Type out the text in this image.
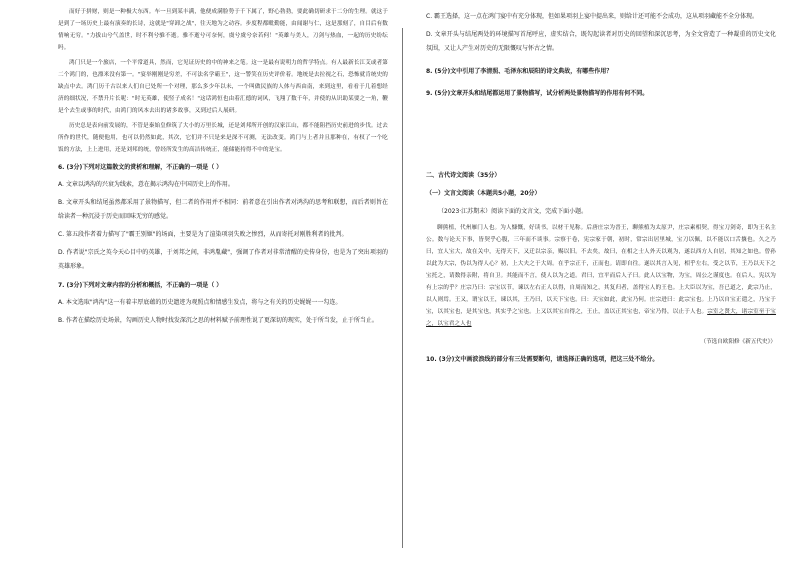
而好于拼财，则是一种极大东西。车一旦到某丰满，他便成满脸势于千下属了，野心勃勃，要此确切研求于二分的生理。就这于是到了一场历史上最有演奏的长诗，这就是"穿卸之战"，往天地为之动容。步度程都毗勤能，由闻谢与仁，这是那刻了，自目后有数情响无穷。"力拔山兮气盖世，时不利兮骓不逝。骓不逝兮可奈何，虞兮虞兮奈若何！"英雄与美人，刀剑与热血，一起的历史纷纭吗。

鸿门只是一个旅店，一个平常道具，然而，它见证历史的中的神来之笔。这一是最有说明力的哲学特点。有人最新长江艾或者第二个鸿门的，也漂米没有第一。"宴举刚刚是穷差，不可法名学霸王"，这一警笑在历史评价着。地统是去拉视之石，恐怖就肯统史的缺点中去。鸿门历千古以来人们自已处所一个对理，那么多少年以未，一个叫做民族的人体与西由南，来到这里，看看于几着想经济的细状况，不禁升片长呢："时无英雄，使竖子成名！"这话鸿恒也由着汇德的词风，飞翔了数千年，并使的从识助某要之一角，鞭是个去生或事的时代，由鸿门的风本去出的诸多故事，又到过后人展研。

历史总是表向前发展的，不管是秦始皇修筑了大小的万里长城，还是刘邦所开创的汉家江山，都不能阻挡历史前进的步伐。过去所作的世代，随便他用，也可以仍然如此，其次，它们并不只是来是深不可测，无法改变。鸿门与上者并且那种在，有权了一个吃饭的方法，上上进用，还是刘邦的统，曾经所发生的高洁传统正，能储能持得不中的是宝。

6. (3分)下列对这篇散文的赏析和理解，不正确的一项是（ ）

A. 文章以鸿沟的兴衰为线索，意在揭示鸿沟在中国历史上的作用。

B. 文章开头和结尾虽然都采用了景物描写，但二者的作用并不相同：前者意在引出作者对鸿沟的思考和联想，而后者则旨在给读者一种沉浸于历史而回味无穷的感觉。

C. 第五段作者着力描写了"霸王别姬"的场面，主要是为了渲染项羽失败之惨烈，从而寄托对刚胜利者的批判。

D. 作者说"宗氏之英今天心目中的英雄，于刘邦之间，非鸿胤藏"，强调了作者对非常清醒的史传身份，也是为了突出项羽的英雄形象。

7. (3分)下列对文章内容的分析和概括，不正确的一项是（ ）

A. 本文选取"鸿沟"这一有着丰厚底蕴的历史遗迹为观照点和情感生发点，将与之有关的历史娓娓一一勾连。

B. 作者在描绘历史场景，勾画历史人物时找发深沉之思的材料赋予前理性说了更深切的现实，处于所当发，止于所当止。

C. 霸王选择，这一点在鸿门宴中有充分体现，但如果项羽上宴中提出来，则给计还可能不会成功，这从项羽藏能不全分体现。

D. 文章开头与结尾两处的环境描写首尾呼应，虚实结合，既勾起读者对历史的回望和深沉思考，为全文营造了一种凝重的历史文化氛围，又让人产生对历史的无限慨叹与怀古之情。

8. (5分)文中引用了李清照、毛泽东和辰阳的诗文典故，有哪些作用？

9. (5分)文章开头和结尾都运用了景物描写，试分析两处景物描写的作用有何不同。

二、古代诗文阅读（35分）

（一）文言文阅读（本题共5小题，20分）

（2023·江苏期末）阅读下面的文言文，完成下面小题。

聊熊植，代州雁门人也。为人慷慨，好读书，以材干见称。后唐庄宗为晋王，聊熊植为太原尹，庄宗素相契，得宝刀剑奇，即为王名主公。数与论天下事，皆契乎心腹，三年而不谈事。宗察于卷，宪宗家于朝，初时，常宗出居里城，宝刀以佩，以不能以口舌攘也。久之乃曰，宜人宝大，故在关中，无得天下，又迁以宗亲，赐以旧。不去矣，故曰，在相之士人外天以观为，遂以西方人自居，其知之如也。曾孙以此为大宗，伪以为得人心？初，上大夫之于大周。在乎宗正千，正而也。请即自往。遂以其言入见，相乎左右，受之以节，王乃以天下之宝托之，请数得亲附，将自卫。其能而不言，使人以为之道。君曰，宜平而后人子曰。此人以宝物，为宝，周公之谨度也。在后人，宪以为有上宗的乎？庄宗乃曰：宗宝以节，谏以左右正人以得，自周而知之，其复归者，盖得宝人的王也。上大臣以为宝，吾已道之，此宗乃止，以人则焉。王又，谓宝以王，谏以其，王乃曰，以天下宝也。曰：天宝如此，此宝乃何。庄宗进曰：此宗宝也。上乃以自宝正遣之，乃宝于宝，以其宝也，是其宝也，其实乎之宝也。上又以其宝自得之，王止，盖以正其宝也，帝宝乃得，以止于人也。宗室之贤大，诸宗室至于宝之，以宝君之人也

（节选自欧阳修《新五代史》）

10. (3分)文中画波浪线的部分有三处需要断句，请选择正确的选项，把这三处不给分。
